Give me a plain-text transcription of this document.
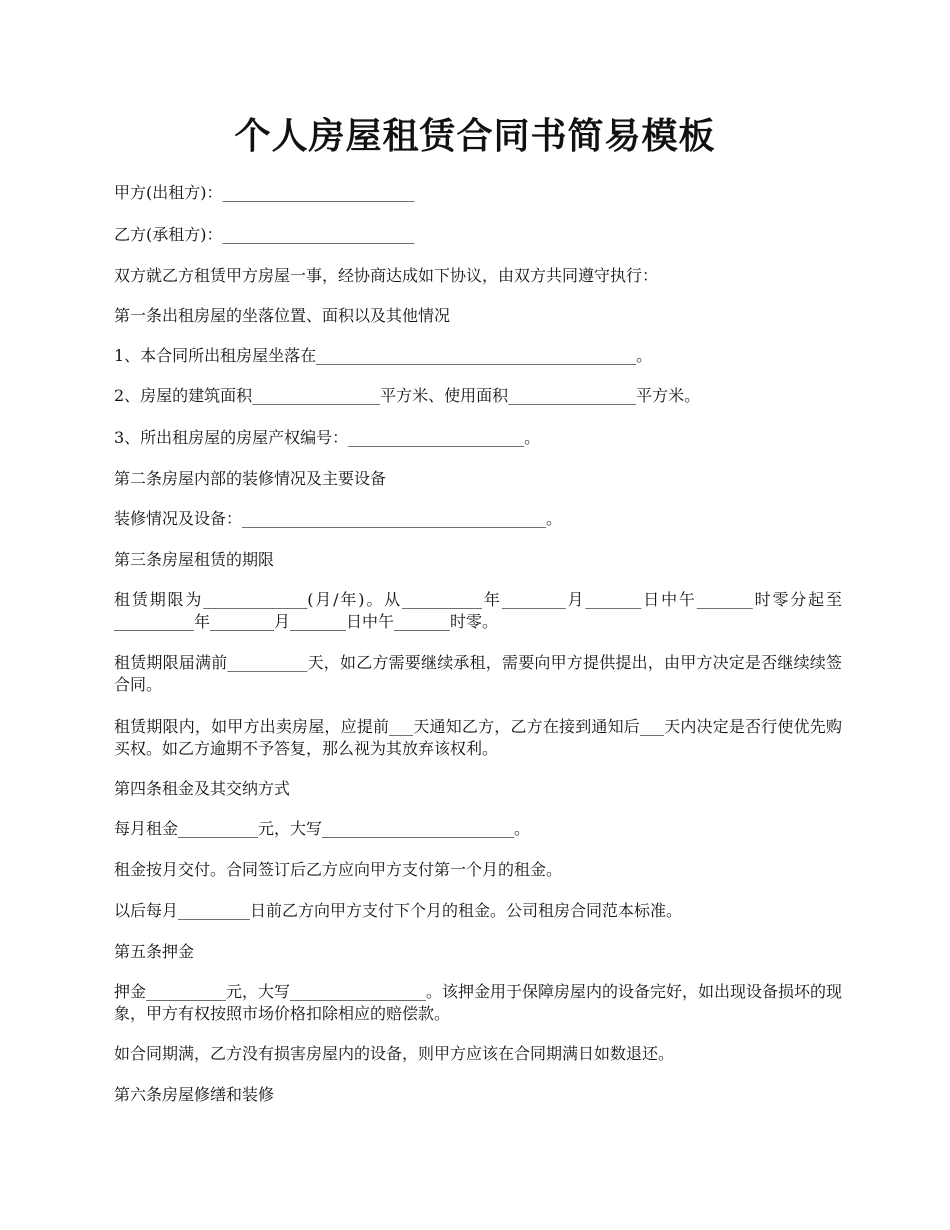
个人房屋租赁合同书简易模板

甲方(出租方)：________________________

乙方(承租方)：________________________

双方就乙方租赁甲方房屋一事，经协商达成如下协议，由双方共同遵守执行：

第一条出租房屋的坐落位置、面积以及其他情况

1、本合同所出租房屋坐落在________________________________________。

2、房屋的建筑面积________________平方米、使用面积________________平方米。

3、所出租房屋的房屋产权编号：______________________。

第二条房屋内部的装修情况及主要设备

装修情况及设备：______________________________________。

第三条房屋租赁的期限

租赁期限为_____________(月/年)。从__________年________月_______日中午_______时零分起至__________年________月_______日中午_______时零。

租赁期限届满前__________天，如乙方需要继续承租，需要向甲方提供提出，由甲方决定是否继续续签合同。

租赁期限内，如甲方出卖房屋，应提前___天通知乙方，乙方在接到通知后___天内决定是否行使优先购买权。如乙方逾期不予答复，那么视为其放弃该权利。

第四条租金及其交纳方式

每月租金__________元，大写________________________。

租金按月交付。合同签订后乙方应向甲方支付第一个月的租金。

以后每月_________日前乙方向甲方支付下个月的租金。公司租房合同范本标准。

第五条押金

押金__________元，大写_________________。该押金用于保障房屋内的设备完好，如出现设备损坏的现象，甲方有权按照市场价格扣除相应的赔偿款。

如合同期满，乙方没有损害房屋内的设备，则甲方应该在合同期满日如数退还。

第六条房屋修缮和装修
